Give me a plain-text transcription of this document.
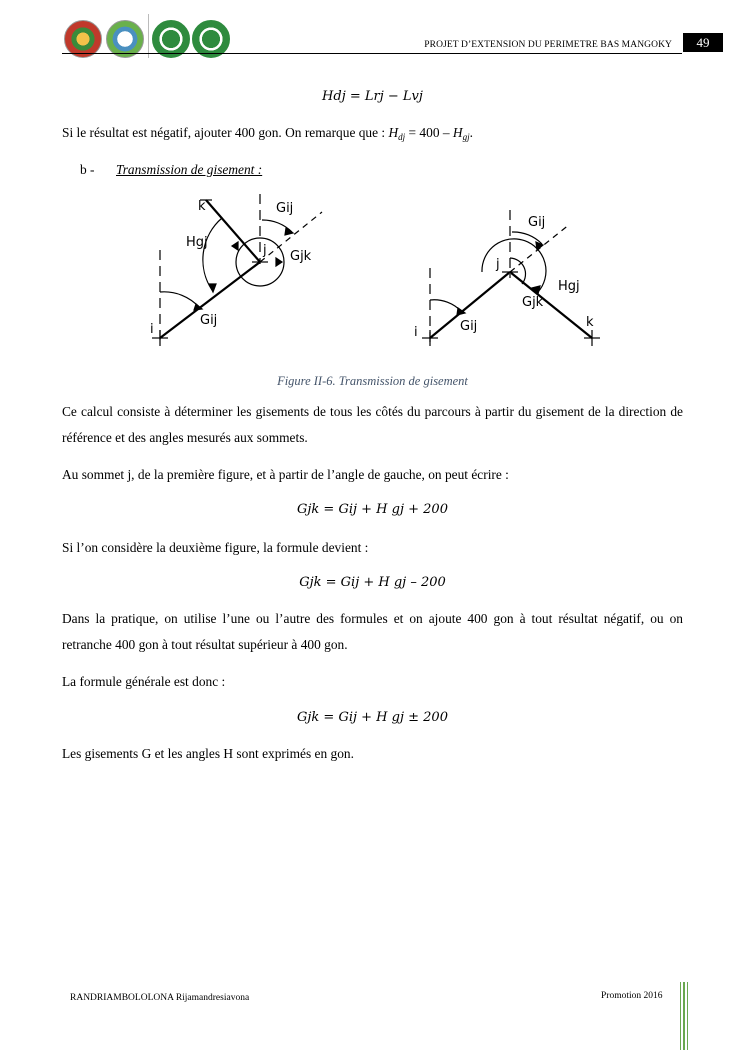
PROJET D’EXTENSION DU PERIMETRE BAS MANGOKY	49
Hdj = Lrj − Lvj
Si le résultat est négatif, ajouter 400 gon. On remarque que : $H_{dj} = 400 - H_{gj}$.
b - Transmission de gisement :
k	Gij
Hgj
j Gjk
i
Gij
Gij
j
Hgj
Gjk
i	Gij	k
Figure II-6. Transmission de gisement
Ce calcul consiste à déterminer les gisements de tous les côtés du parcours à partir du gisement de la direction de référence et des angles mesurés aux sommets.
Au sommet j, de la première figure, et à partir de l’angle de gauche, on peut écrire :
Gjk = Gij + H gj + 200
Si l’on considère la deuxième figure, la formule devient :
Gjk = Gij + H gj – 200
Dans la pratique, on utilise l’une ou l’autre des formules et on ajoute 400 gon à tout résultat négatif, ou on retranche 400 gon à tout résultat supérieur à 400 gon.
La formule générale est donc :
Gjk = Gij + H gj ± 200
Les gisements G et les angles H sont exprimés en gon.
RANDRIAMBOLOLONA Rijamandresiavona	Promotion 2016
